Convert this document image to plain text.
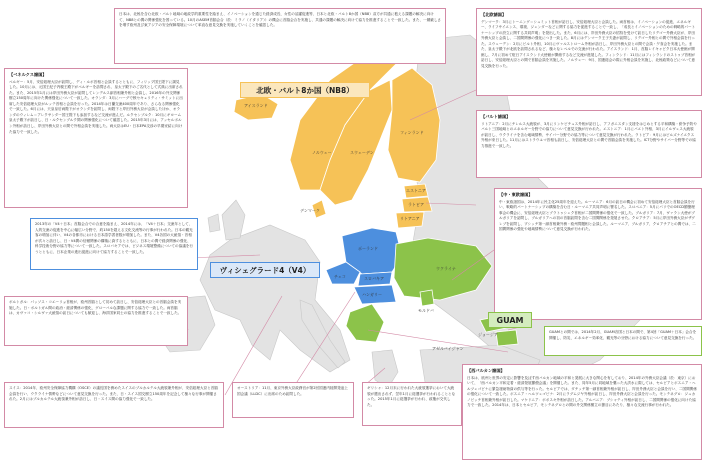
日本は、北極を含む北欧・バルト地域の地政学的重要性を踏まえ、イノベーションを通じた経済成長、女性の活躍促進等、日本と北欧・バルト8か国（NB8）双方が共通に抱える課題の解決に向けて、NB8との間の関係強化を図っている。10月のASEM首脳会合（於：ミラノ（イタリア））の機会に首脳会合を実施し、共通の課題の解決に向けて協力を推進することで一致した。また、一層厳しさを増す欧州及び東アジアの安全保障環境について率直な意見交換を実施していくことを確認した。
【北欧諸国】
デンマーク：3月にトーニング＝シュミット首相が訪日し、安倍総理大臣と会談した。両首相は、イノベーションの促進、エネルギー、ライフサイエンス、環境、ジェンダーなどに関する協力を促進することで一致し、「成長とイノベーションのための戦略的パートナーシップの設立に関する共同声明」を発出した。また、6月には、岸田外務大臣の招待を受けて訪日したリデゴー外務大臣が、岸田外務大臣と会談し、二国間関係の強化につき一致した。8月にはデンマーク王子夫妻が訪問し、リデゴー外相との間で外相会談を行った。スウェーデン：2月にビルト外相、10月にヴァルストローム外相が訪日し、岸田外務大臣との間で会談・夕食会を実施した。また、皇太子殿下が北欧を訪問されるなど、様々なレベルでの交流が行われた。アイスランド：1月、首脳レイキャビク日本大使館が開館し、7月に初めて駐日アイスランド大使館が開館するなど交流が進展した。フィンランド：11月にはフィンランドのストゥブ首相が訪日し、安倍総理大臣との間で首脳会談を実施した。ノルウェー：9月、国連総会の際に外相会談を実施し、北極政策などについて意見交換を行った。
【ベネルクス諸国】
ベルギー：5月、安倍総理大臣が訪問し、ディ・ルポ首相と会談するとともに、フィリップ国王陛下に謁見した。10月には、元国王紀子内親王殿下がベルギーを訪問され、皇太子殿下のご名代として式典に出席された。また、2015年1月には岸田外務大臣が訪問してレンデルス副首相兼外相と会談し、2016年の外交関係樹立150周年に向けた関係強化について一致した。オランダ：3月にハーグで核セキュリティ・サミットに出席した安倍総理大臣がルッテ首相と会談を行った。2014年は日蘭交流400周年であり、さらなる関係強化で一致した。6月には、天皇皇后両陛下がオランダを訪問し、両陛下と岸田外務大臣が会談したほか、オランダのウィレム＝アレクサンダー国王陛下も参加するなど交流が進んだ。ルクセンブルク：10月にギヨーム皇太子殿下が訪日し、日・ルクセンブルク間の関係強化について確認した。2015年3月には、アッセルボルン外相が訪日し、岸田外務大臣との間で外相会談を実施した。両大臣はEU・日本EPA交渉の早期妥結に向けた協力で一致した。
【バルト諸国】
リトアニア：2月にチレルス大統領が、3月にリンケビチュス外相が訪日し、アフガニスタン支援をはじめとする平和構築・紛争予防やバルト三国地域とのエネルギー分野での協力について意見交換が行われた。エストニア：1月にパエト外相、3月にイルヴェス大統領が訪日し、ウクライナを含む地域情勢、サイバー分野での協力等について意見交換が行われた。ラトビア：9月にはビルズナイエクス外相が来日した。11月にはストラウユマ首相も訪日し、安倍総理大臣との間で首脳会談を実施した。ICT分野やサイバー分野等での協力推進で一致した。
【中・東欧諸国】
中・東欧諸国は、2014年に民主化25周年を迎えた。ルーマニア：6月の訪日の機会に初めて安倍総理大臣と首脳会談を行い、戦略的パートナーシップの構築を含む日・ルーマニア共同声明に署名した。スロベニア：5月にパリでのOECD閣僚理事会の機会に、安倍総理大臣とブラトゥシェク首相が二国間関係の強化で一致した。ブルガリア：7月、ヴァラン大使がブルガリアを訪問し、ブルガリアへの初の首脳訪問を含む二国間関係を発展させた。クロアチア：5月に岸田外務大臣がザグレブを訪問し、プシッチ第一副首相兼外務・欧州問題相と会談した。ルーマニア、ブルガリア、クロアチアとの間では、二国間関係の強化や地域情勢について意見交換が行われた。
2013年の「V4＋日本」首脳会合での合意を踏まえ、2014年には、「V4＋日本」交流年として、人的交流の促進を中心に幅広い分野で、約150を超える文化交流等の行事が行われた。日本の観光客の増加に伴い、V4の各都市における日本語学習者数が増加した。また、V4各国の大統領・首相が次々と訪日し、日・V4間の信頼関係の構築に資するとともに、日本との間で経済関係の強化、科学技術分野の協力等について一致した。スロバキアでは、ビジネス環境整備についての協議を行うとともに、日本企業の進出促進に向けて協力することで一致した。
ポルトガル：パッソス・コエーリョ首相が、欧州首脳として初めて訪日し、安倍総理大臣との首脳会談を実施した。日・ポルトガル間の政治・経済関係の強化、グローバルな課題に関する協力で一致した。両首脳は、カヴァコ・シルヴァ大統領の訪日についても歓迎し、海洋国家同士の協力を推進することで一致した。
スイス：2014年、欧州安全保障協力機構（OSCE）の議長国を務めたスイスのブルカルテル大統領兼外相が、安倍総理大臣と首脳会談を行い、ウクライナ情勢などについて意見交換を行った。また、日・スイス国交樹立150周年を記念して様々な行事が開催された。2月にはブルカルテル大統領兼外相が訪日し、日・スイス間の協力強化で一致した。
オーストリア：11月、東京外務大臣政務官が第2回国連内陸開発途上国会議（LLDC）に出席のため訪問した。
ギリシャ：12月末に行われた大統領選挙において大統領が選出されず、翌年1月に総選挙が行われることとなった。2015年1月に総選挙が行われ、政権が交代した。
GUAMとの間では、2014年2月、GUAM各国と日本の間で、第4回「GUAM＋日本」会合を開催し、防災、エネルギー効率化、観光等の分野における協力について意見交換を行った。
【西バルカン諸国】
日本は、欧州と世界の安定に影響を及ぼす西バルカン地域の平和と発展に大きな関心を有しており、2014年の外務大臣会議（於：東京）において、「西バルカン平和定着・経済発展閣僚会議」を開催した。また、同年5月に同地域を襲った大洪水に際しては、セルビアとボスニア・ヘルツェゴビナに緊急援助物資の供与等を行った。セルビアでは、ダチッチ第一副首相兼外相が訪日し、岸田外務大臣と会談を行い、二国間関係の強化について一致した。ボスニア・ヘルツェゴビナ：2月にラグムジヤ外相が訪日し、岸田外務大臣と会談を行った。モンテネグロ：ジュカノビッチ首相兼外相が訪日した。マケドニア：ポポスキ外相が訪日した。アルバニア：ブシャティ外相が訪日し、二国間関係の強化に向けた協力で一致した。2014年は、日本とセルビア、モンテネグロとの間の外交関係樹立の節目にあたり、様々な交流行事が行われた。
北欧・バルト8か国（NB8）
ヴィシェグラード4（V4）
GUAM
アイスランド
ノルウェー	スウェーデン
フィンランド
デンマーク
エストニア
ラトビア
リトアニア
ポーランド
チェコ	スロバキア
ハンガリー
ウクライナ
モルドバ
ジョージア
アゼルバイジャン
